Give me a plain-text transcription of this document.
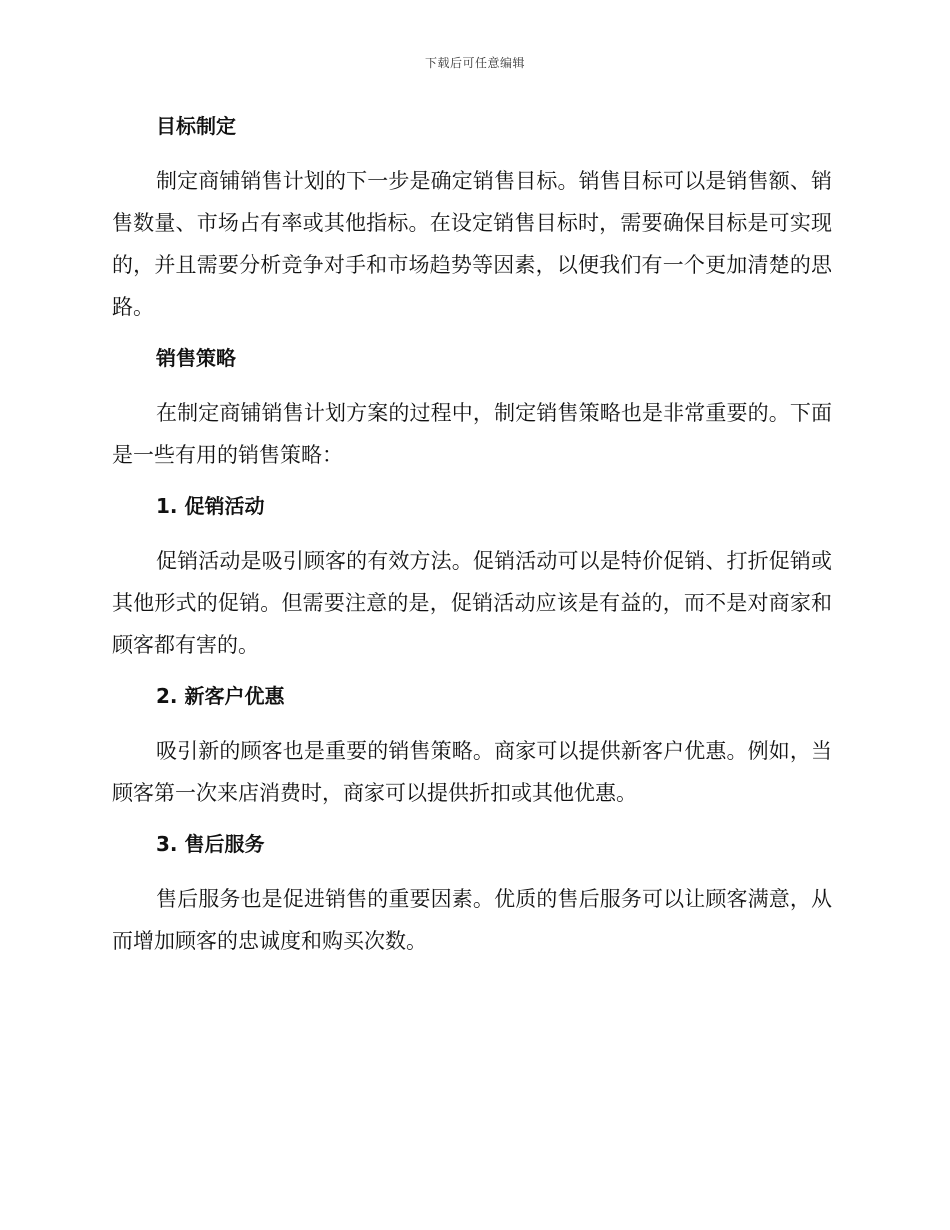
下载后可任意编辑
目标制定

制定商铺销售计划的下一步是确定销售目标。销售目标可以是销售额、销售数量、市场占有率或其他指标。在设定销售目标时，需要确保目标是可实现的，并且需要分析竞争对手和市场趋势等因素，以便我们有一个更加清楚的思路。

销售策略

在制定商铺销售计划方案的过程中，制定销售策略也是非常重要的。下面是一些有用的销售策略：

1. 促销活动

促销活动是吸引顾客的有效方法。促销活动可以是特价促销、打折促销或其他形式的促销。但需要注意的是，促销活动应该是有益的，而不是对商家和顾客都有害的。

2. 新客户优惠

吸引新的顾客也是重要的销售策略。商家可以提供新客户优惠。例如，当顾客第一次来店消费时，商家可以提供折扣或其他优惠。

3. 售后服务

售后服务也是促进销售的重要因素。优质的售后服务可以让顾客满意，从而增加顾客的忠诚度和购买次数。
